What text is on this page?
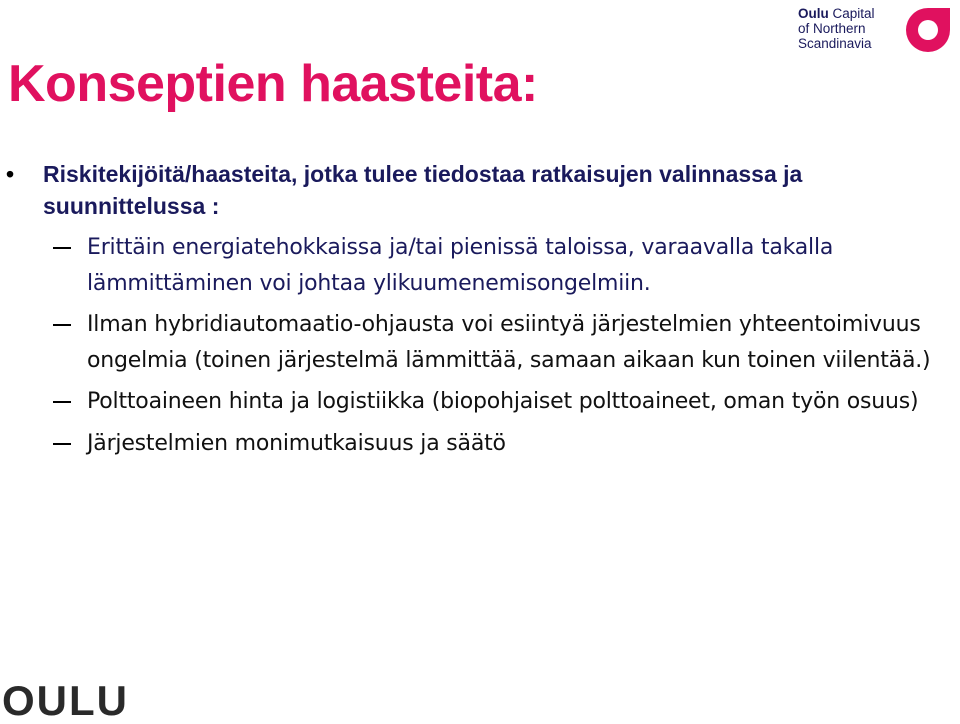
Konseptien haasteita:
Oulu Capital
of Northern
Scandinavia
• Riskitekijöitä/haasteita, jotka tulee tiedostaa ratkaisujen valinnassa ja suunnittelussa :
Erittäin energiatehokkaissa ja/tai pienissä taloissa, varaavalla takalla lämmittäminen voi johtaa ylikuumenemisongelmiin.
Ilman hybridiautomaatio-ohjausta voi esiintyä järjestelmien yhteentoimivuus ongelmia (toinen järjestelmä lämmittää, samaan aikaan kun toinen viilentää.)
Polttoaineen hinta ja logistiikka (biopohjaiset polttoaineet, oman työn osuus)
Järjestelmien monimutkaisuus ja säätö
OULU
